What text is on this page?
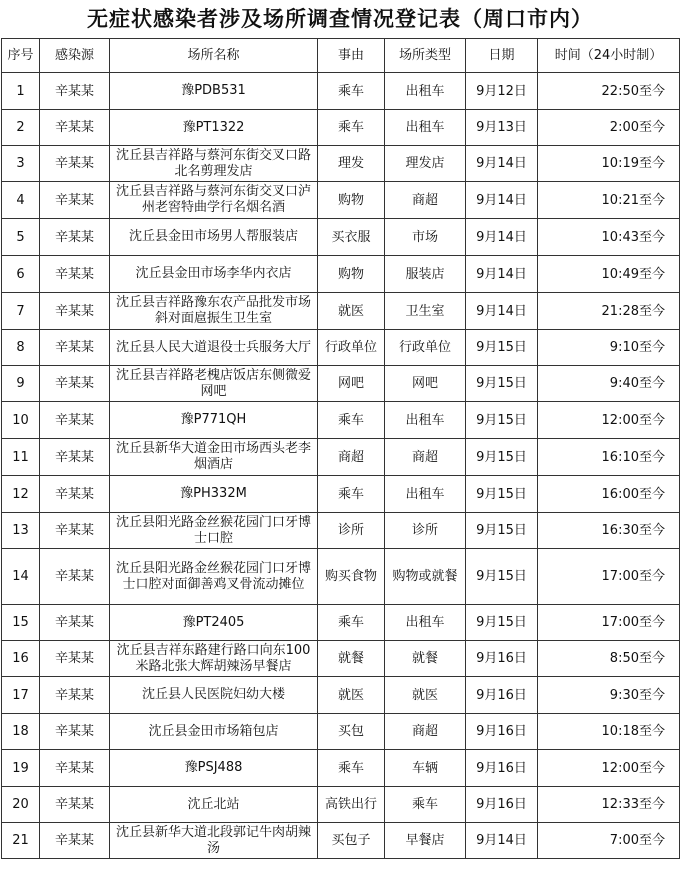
无症状感染者涉及场所调查情况登记表（周口市内）
序号	感染源	场所名称	事由	场所类型	日期	时间（24小时制）
1	辛某某	豫PDB531	乘车	出租车	9月12日	22:50至今
2	辛某某	豫PT1322	乘车	出租车	9月13日	2:00至今
3	辛某某	沈丘县吉祥路与蔡河东街交叉口路北名剪理发店	理发	理发店	9月14日	10:19至今
4	辛某某	沈丘县吉祥路与蔡河东街交叉口泸州老窖特曲学行名烟名酒	购物	商超	9月14日	10:21至今
5	辛某某	沈丘县金田市场男人帮服装店	买衣服	市场	9月14日	10:43至今
6	辛某某	沈丘县金田市场李华内衣店	购物	服装店	9月14日	10:49至今
7	辛某某	沈丘县吉祥路豫东农产品批发市场斜对面扈振生卫生室	就医	卫生室	9月14日	21:28至今
8	辛某某	沈丘县人民大道退役士兵服务大厅	行政单位	行政单位	9月15日	9:10至今
9	辛某某	沈丘县吉祥路老槐店饭店东侧微爱网吧	网吧	网吧	9月15日	9:40至今
10	辛某某	豫P771QH	乘车	出租车	9月15日	12:00至今
11	辛某某	沈丘县新华大道金田市场西头老李烟酒店	商超	商超	9月15日	16:10至今
12	辛某某	豫PH332M	乘车	出租车	9月15日	16:00至今
13	辛某某	沈丘县阳光路金丝猴花园门口牙博士口腔	诊所	诊所	9月15日	16:30至今
14	辛某某	沈丘县阳光路金丝猴花园门口牙博士口腔对面御善鸡叉骨流动摊位	购买食物	购物或就餐	9月15日	17:00至今
15	辛某某	豫PT2405	乘车	出租车	9月15日	17:00至今
16	辛某某	沈丘县吉祥东路建行路口向东100米路北张大辉胡辣汤早餐店	就餐	就餐	9月16日	8:50至今
17	辛某某	沈丘县人民医院妇幼大楼	就医	就医	9月16日	9:30至今
18	辛某某	沈丘县金田市场箱包店	买包	商超	9月16日	10:18至今
19	辛某某	豫PSJ488	乘车	车辆	9月16日	12:00至今
20	辛某某	沈丘北站	高铁出行	乘车	9月16日	12:33至今
21	辛某某	沈丘县新华大道北段郭记牛肉胡辣汤	买包子	早餐店	9月14日	7:00至今
